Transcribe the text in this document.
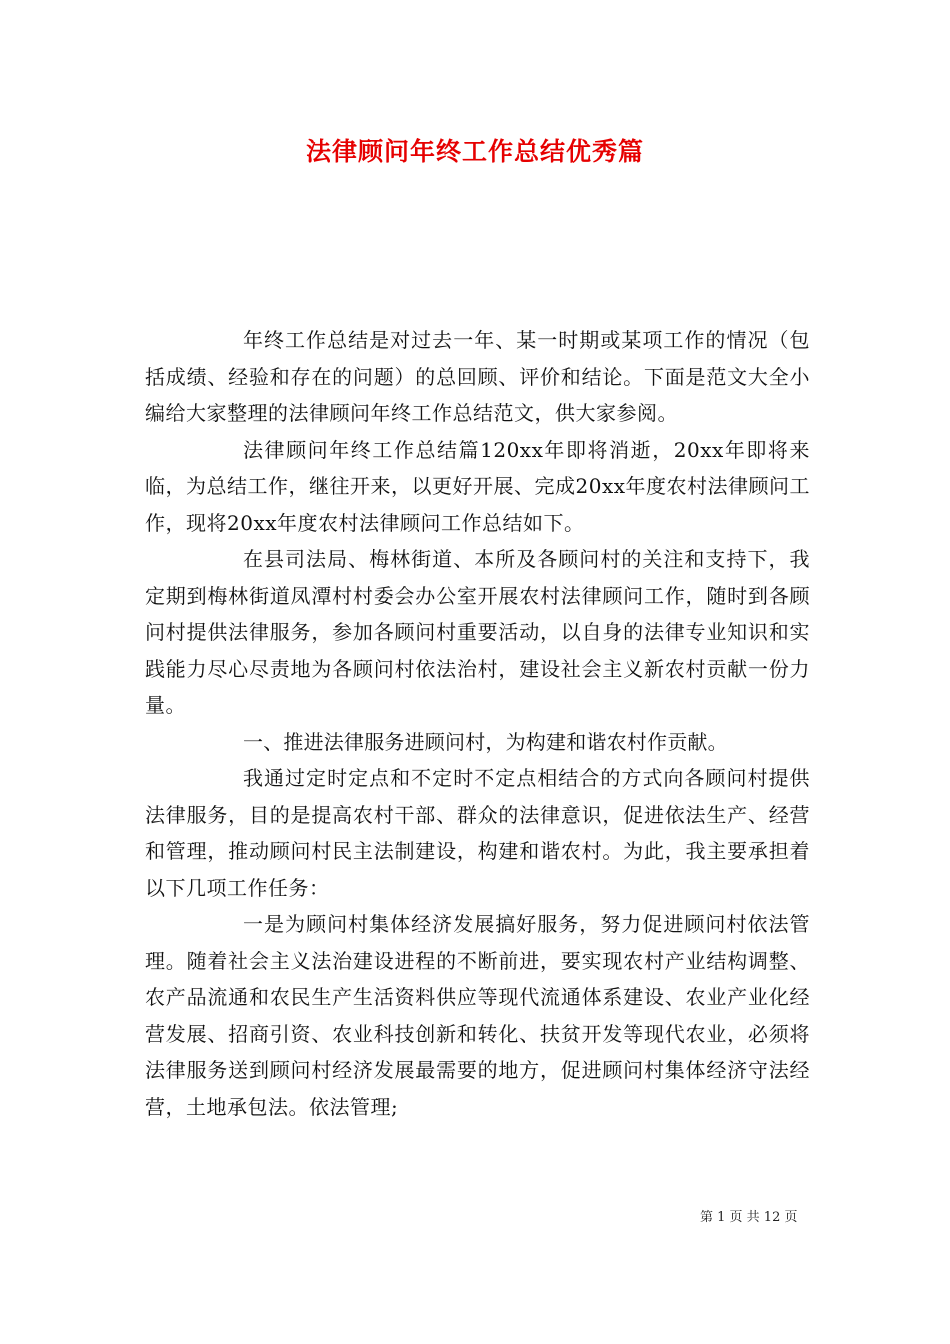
法律顾问年终工作总结优秀篇

年终工作总结是对过去一年、某一时期或某项工作的情况（包括成绩、经验和存在的问题）的总回顾、评价和结论。下面是范文大全小编给大家整理的法律顾问年终工作总结范文，供大家参阅。

法律顾问年终工作总结篇120xx年即将消逝，20xx年即将来临，为总结工作，继往开来，以更好开展、完成20xx年度农村法律顾问工作，现将20xx年度农村法律顾问工作总结如下。

在县司法局、梅林街道、本所及各顾问村的关注和支持下，我定期到梅林街道凤潭村村委会办公室开展农村法律顾问工作，随时到各顾问村提供法律服务，参加各顾问村重要活动，以自身的法律专业知识和实践能力尽心尽责地为各顾问村依法治村，建设社会主义新农村贡献一份力量。

一、推进法律服务进顾问村，为构建和谐农村作贡献。

我通过定时定点和不定时不定点相结合的方式向各顾问村提供法律服务，目的是提高农村干部、群众的法律意识，促进依法生产、经营和管理，推动顾问村民主法制建设，构建和谐农村。为此，我主要承担着以下几项工作任务：

一是为顾问村集体经济发展搞好服务，努力促进顾问村依法管理。随着社会主义法治建设进程的不断前进，要实现农村产业结构调整、农产品流通和农民生产生活资料供应等现代流通体系建设、农业产业化经营发展、招商引资、农业科技创新和转化、扶贫开发等现代农业，必须将法律服务送到顾问村经济发展最需要的地方，促进顾问村集体经济守法经营，土地承包法。依法管理;

第 1 页 共 12 页
